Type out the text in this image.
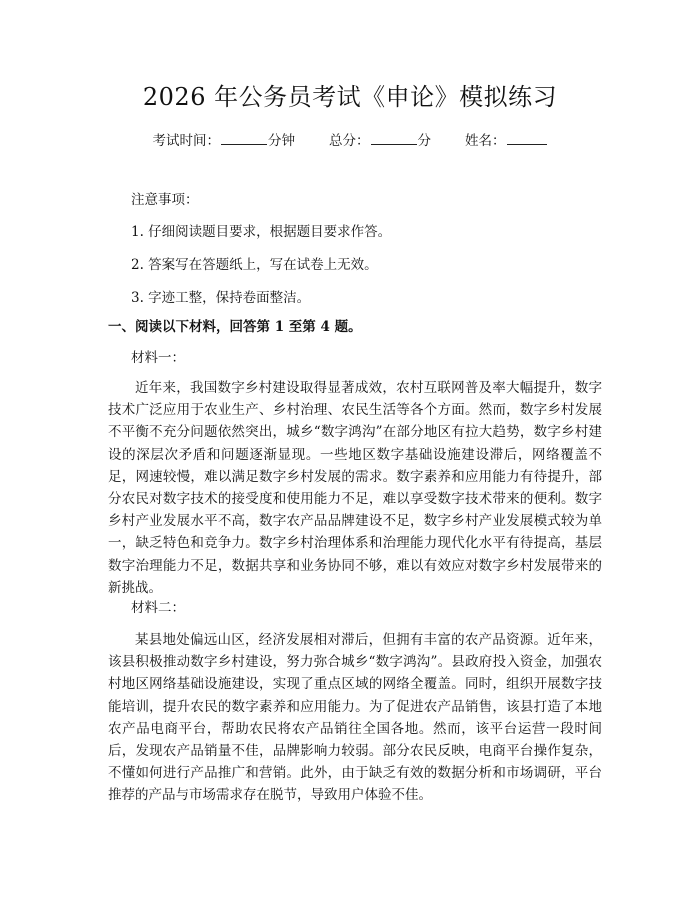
2026 年公务员考试《申论》模拟练习
考试时间：	分钟	总分：	分	姓名：
注意事项：
1. 仔细阅读题目要求，根据题目要求作答。
2. 答案写在答题纸上，写在试卷上无效。
3. 字迹工整，保持卷面整洁。
一、阅读以下材料，回答第 1 至第 4 题。
材料一：

近年来，我国数字乡村建设取得显著成效，农村互联网普及率大幅提升，数字技术广泛应用于农业生产、乡村治理、农民生活等各个方面。然而，数字乡村发展不平衡不充分问题依然突出，城乡“数字鸿沟”在部分地区有拉大趋势，数字乡村建设的深层次矛盾和问题逐渐显现。一些地区数字基础设施建设滞后，网络覆盖不足，网速较慢，难以满足数字乡村发展的需求。数字素养和应用能力有待提升，部分农民对数字技术的接受度和使用能力不足，难以享受数字技术带来的便利。数字乡村产业发展水平不高，数字农产品品牌建设不足，数字乡村产业发展模式较为单一，缺乏特色和竞争力。数字乡村治理体系和治理能力现代化水平有待提高，基层数字治理能力不足，数据共享和业务协同不够，难以有效应对数字乡村发展带来的新挑战。

材料二：

某县地处偏远山区，经济发展相对滞后，但拥有丰富的农产品资源。近年来，该县积极推动数字乡村建设，努力弥合城乡“数字鸿沟”。县政府投入资金，加强农村地区网络基础设施建设，实现了重点区域的网络全覆盖。同时，组织开展数字技能培训，提升农民的数字素养和应用能力。为了促进农产品销售，该县打造了本地农产品电商平台，帮助农民将农产品销往全国各地。然而，该平台运营一段时间后，发现农产品销量不佳，品牌影响力较弱。部分农民反映，电商平台操作复杂，不懂如何进行产品推广和营销。此外，由于缺乏有效的数据分析和市场调研，平台推荐的产品与市场需求存在脱节，导致用户体验不佳。
